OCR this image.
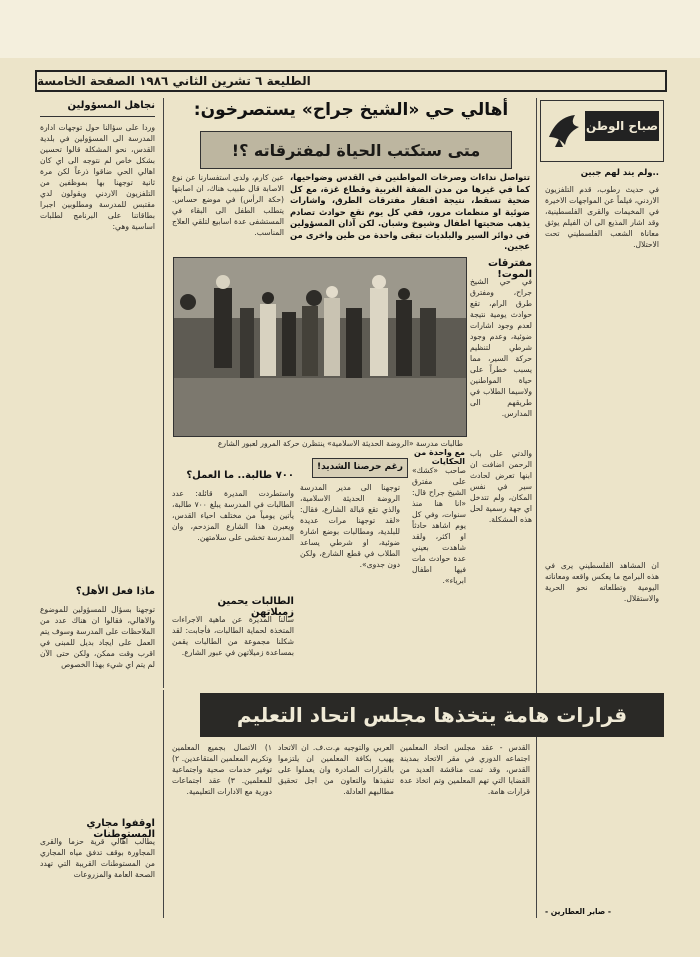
الطليعة ٦ تشرين الثاني ١٩٨٦ الصفحة الخامسة
صباح الوطن
..ولم يند لهم جبين
في حديث رطوب، قدم التلفزيون الاردني، فيلماً عن المواجهات الاخيرة في المخيمات والقرى الفلسطينية، وقد اشار المذيع الى ان الفيلم يوثق معاناة الشعب الفلسطيني تحت الاحتلال.
ان المشاهد الفلسطيني يرى في هذه البرامج ما يعكس واقعه ومعاناته اليومية وتطلعاته نحو الحرية والاستقلال.
- صابر العطارين -
نجاهل المسؤولين
وردا على سؤالنا حول توجهات ادارة المدرسة الى المسؤولين في بلدية القدس، نحو المشكلة قالوا تحسين بشكل خاص لم نتوجه الى اي كان اهالي الحي ضاقوا ذرعاً لكن مرة ثانية توجهنا بها بموظفين من التلفزيون الاردني ويقولون لدي مقتبس للمدرسة ومطلوبين اجبرا بطاقاتنا على البرنامج لطلبات اساسية وهي:
ماذا فعل الأهل؟
توجهنا بسؤال للمسؤولين للموضوع والاهالي، فقالوا ان هناك عدد من الملاحظات على المدرسة وسوف يتم العمل على ايجاد بديل للمبنى في اقرب وقت ممكن، ولكن حتى الآن لم يتم اي شيء بهذا الخصوص
اوقفوا مجاري المستوطنات
يطالب اهالي قرية حزما والقرى المجاورة بوقف تدفق مياه المجاري من المستوطنات القريبة التي تهدد الصحة العامة والمزروعات
أهالي حي «الشيخ جراح» يستصرخون:
متى ستكتب الحياة لمفترقاته ؟!
تتواصل نداءات وصرخات المواطنين في القدس وضواحيها، كما في غيرها من مدن الضفة الغربية وقطاع غزة، مع كل ضحية تسقط، نتيجة افتقار مفترقات الطرق، واشارات ضوئية او منظمات مرور، ففي كل يوم تقع حوادث تصادم يذهب ضحيتها اطفال وشيوخ وشبان. لكن آذان المسؤولين في دوائر السير والبلديات تبقى واحدة من طين واخرى من عجين.
عين كارم، ولدى استفسارنا عن نوع الاصابة قال طبيب هناك، ان اصابتها (حكة الرأس) في موضع حساس. يتطلب الطفل الى البقاء في المستشفى عدة اسابيع لتلقي العلاج المناسب.
طالبات مدرسة «الروضة الحديثة الاسلامية» ينتظرن حركة المرور لعبور الشارع
مفترقات الموت!
في حي الشيخ جراح، ومفترق طرق الرام، تقع حوادث يومية نتيجة لعدم وجود اشارات ضوئية، وعدم وجود شرطي لتنظيم حركة السير، مما يسبب خطراً على حياة المواطنين ولاسيما الطلاب في طريقهم الى المدارس.
والدتي على باب الرحمن اضافت ان ابنها تعرض لحادث سير في نفس المكان، ولم تتدخل اي جهة رسمية لحل هذه المشكلة.
رغم حرصنا الشديد!
توجهنا الى مدير المدرسة الروضة الحديثة الاسلامية، والذي تقع قبالة الشارع، فقال: «لقد توجهنا مرات عديدة للبلدية، ومطالبات بوضع اشارة ضوئية، او شرطي يساعد الطلاب في قطع الشارع، ولكن دون جدوى».
صاحب «كشك» على مفترق الشيخ جراح قال: «انا هنا منذ سنوات، وفي كل يوم اشاهد حادثاً او اكثر، ولقد شاهدت بعيني عدة حوادث مات فيها اطفال ابرياء».
مع واحدة من الحكايات
٧٠٠ طالبة.. ما العمل؟
واستطردت المديرة قائلة: عدد الطالبات في المدرسة يبلغ ٧٠٠ طالبة، يأتين يومياً من مختلف احياء القدس، ويعبرن هذا الشارع المزدحم، وان المدرسة تخشى على سلامتهن.
الطالبات يحمين زميلاتهن
سألنا المديرة عن ماهية الاجراءات المتخذة لحماية الطالبات، فأجابت: لقد شكلنا مجموعة من الطالبات يقمن بمساعدة زميلاتهن في عبور الشارع.
قرارات هامة يتخذها مجلس اتحاد التعليم
القدس - عقد مجلس اتحاد المعلمين اجتماعه الدوري في مقر الاتحاد بمدينة القدس، وقد تمت مناقشة العديد من القضايا التي تهم المعلمين وتم اتخاذ عدة قرارات هامة.
العربي والتوجيه م.ت.ف. ان الاتحاد يهيب بكافة المعلمين ان يلتزموا بالقرارات الصادرة وان يعملوا على تنفيذها والتعاون من اجل تحقيق مطالبهم العادلة.
١) الاتصال بجميع المعلمين وتكريم المعلمين المتقاعدين. ٢) توفير خدمات صحية واجتماعية للمعلمين. ٣) عقد اجتماعات دورية مع الادارات التعليمية.
